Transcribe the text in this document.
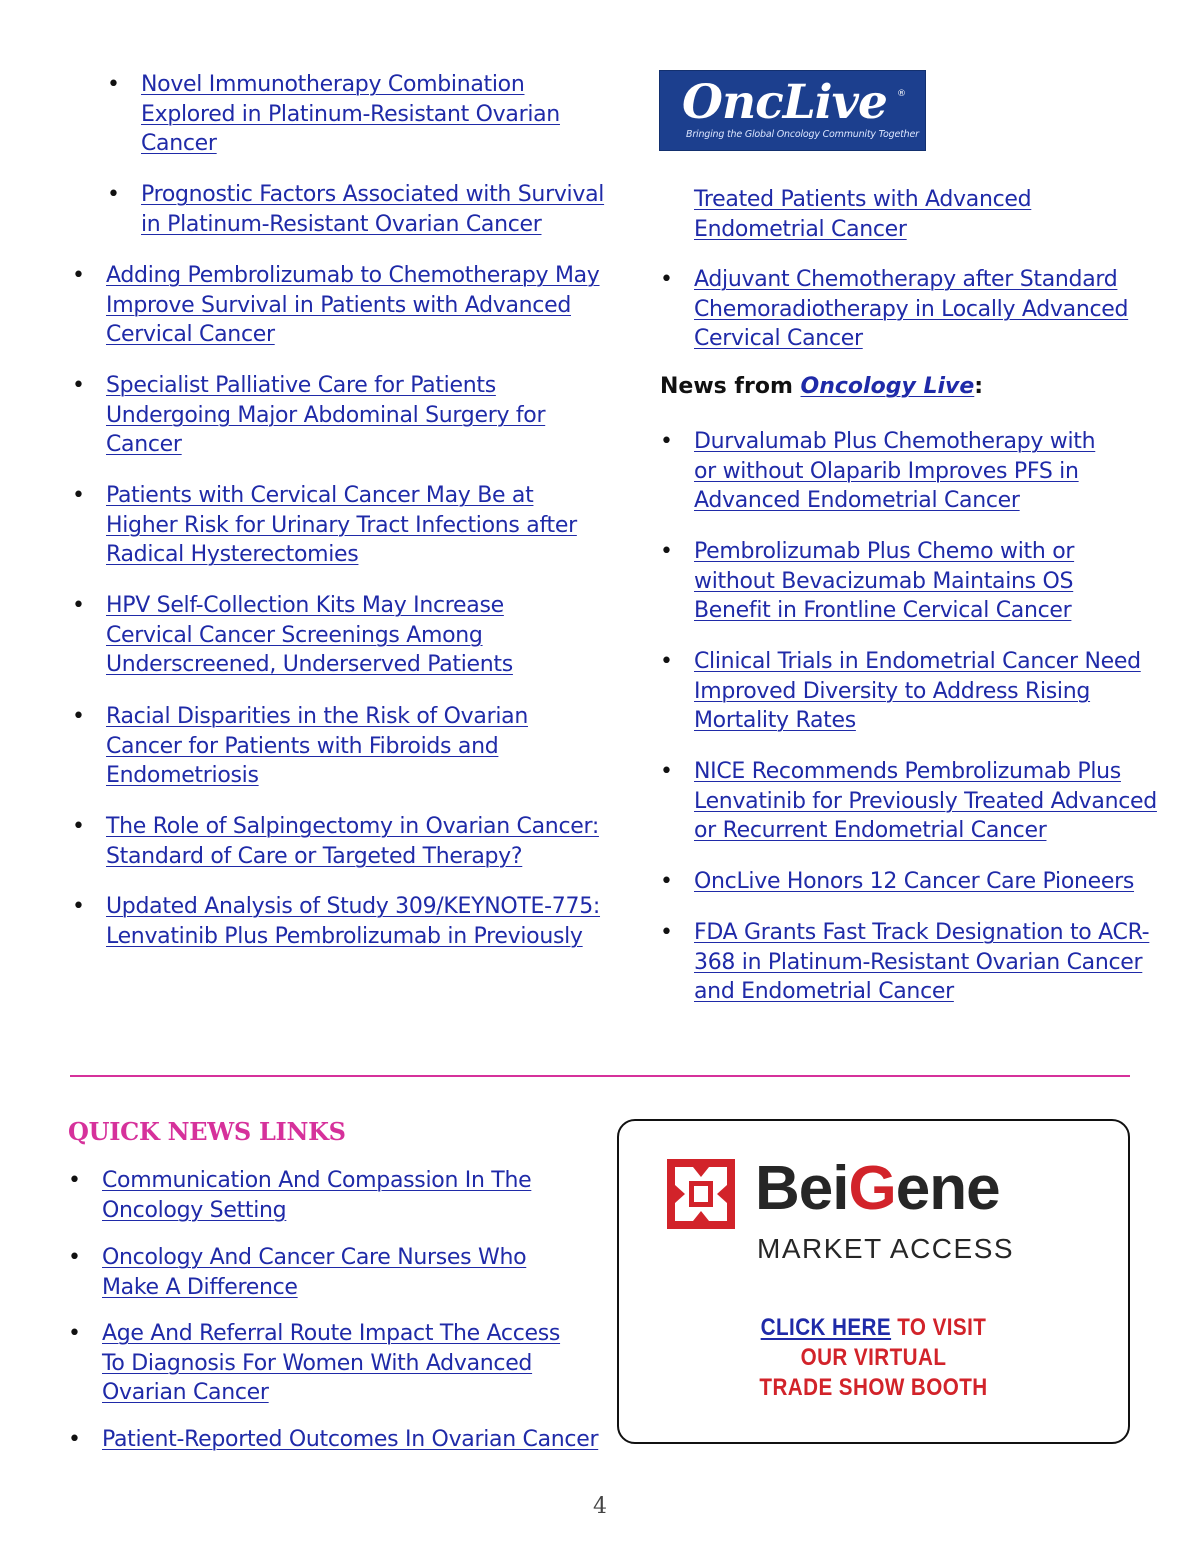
• Novel Immunotherapy Combination
Explored in Platinum-Resistant Ovarian
Cancer
• Prognostic Factors Associated with Survival
in Platinum-Resistant Ovarian Cancer
• Adding Pembrolizumab to Chemotherapy May
Improve Survival in Patients with Advanced
Cervical Cancer
• Specialist Palliative Care for Patients
Undergoing Major Abdominal Surgery for
Cancer
• Patients with Cervical Cancer May Be at
Higher Risk for Urinary Tract Infections after
Radical Hysterectomies
• HPV Self-Collection Kits May Increase
Cervical Cancer Screenings Among
Underscreened, Underserved Patients
• Racial Disparities in the Risk of Ovarian
Cancer for Patients with Fibroids and
Endometriosis
• The Role of Salpingectomy in Ovarian Cancer:
Standard of Care or Targeted Therapy?
• Updated Analysis of Study 309/KEYNOTE-775:
Lenvatinib Plus Pembrolizumab in Previously
OncLive ®
Bringing the Global Oncology Community Together
Treated Patients with Advanced
Endometrial Cancer
• Adjuvant Chemotherapy after Standard
Chemoradiotherapy in Locally Advanced
Cervical Cancer
News from Oncology Live:
• Durvalumab Plus Chemotherapy with
or without Olaparib Improves PFS in
Advanced Endometrial Cancer
• Pembrolizumab Plus Chemo with or
without Bevacizumab Maintains OS
Benefit in Frontline Cervical Cancer
• Clinical Trials in Endometrial Cancer Need
Improved Diversity to Address Rising
Mortality Rates
• NICE Recommends Pembrolizumab Plus
Lenvatinib for Previously Treated Advanced
or Recurrent Endometrial Cancer
• OncLive Honors 12 Cancer Care Pioneers
• FDA Grants Fast Track Designation to ACR-
368 in Platinum-Resistant Ovarian Cancer
and Endometrial Cancer
QUICK NEWS LINKS
• Communication And Compassion In The
Oncology Setting
• Oncology And Cancer Care Nurses Who
Make A Difference
• Age And Referral Route Impact The Access
To Diagnosis For Women With Advanced
Ovarian Cancer
• Patient-Reported Outcomes In Ovarian Cancer
BeiGene
MARKET ACCESS
CLICK HERE TO VISIT
OUR VIRTUAL
TRADE SHOW BOOTH
4
